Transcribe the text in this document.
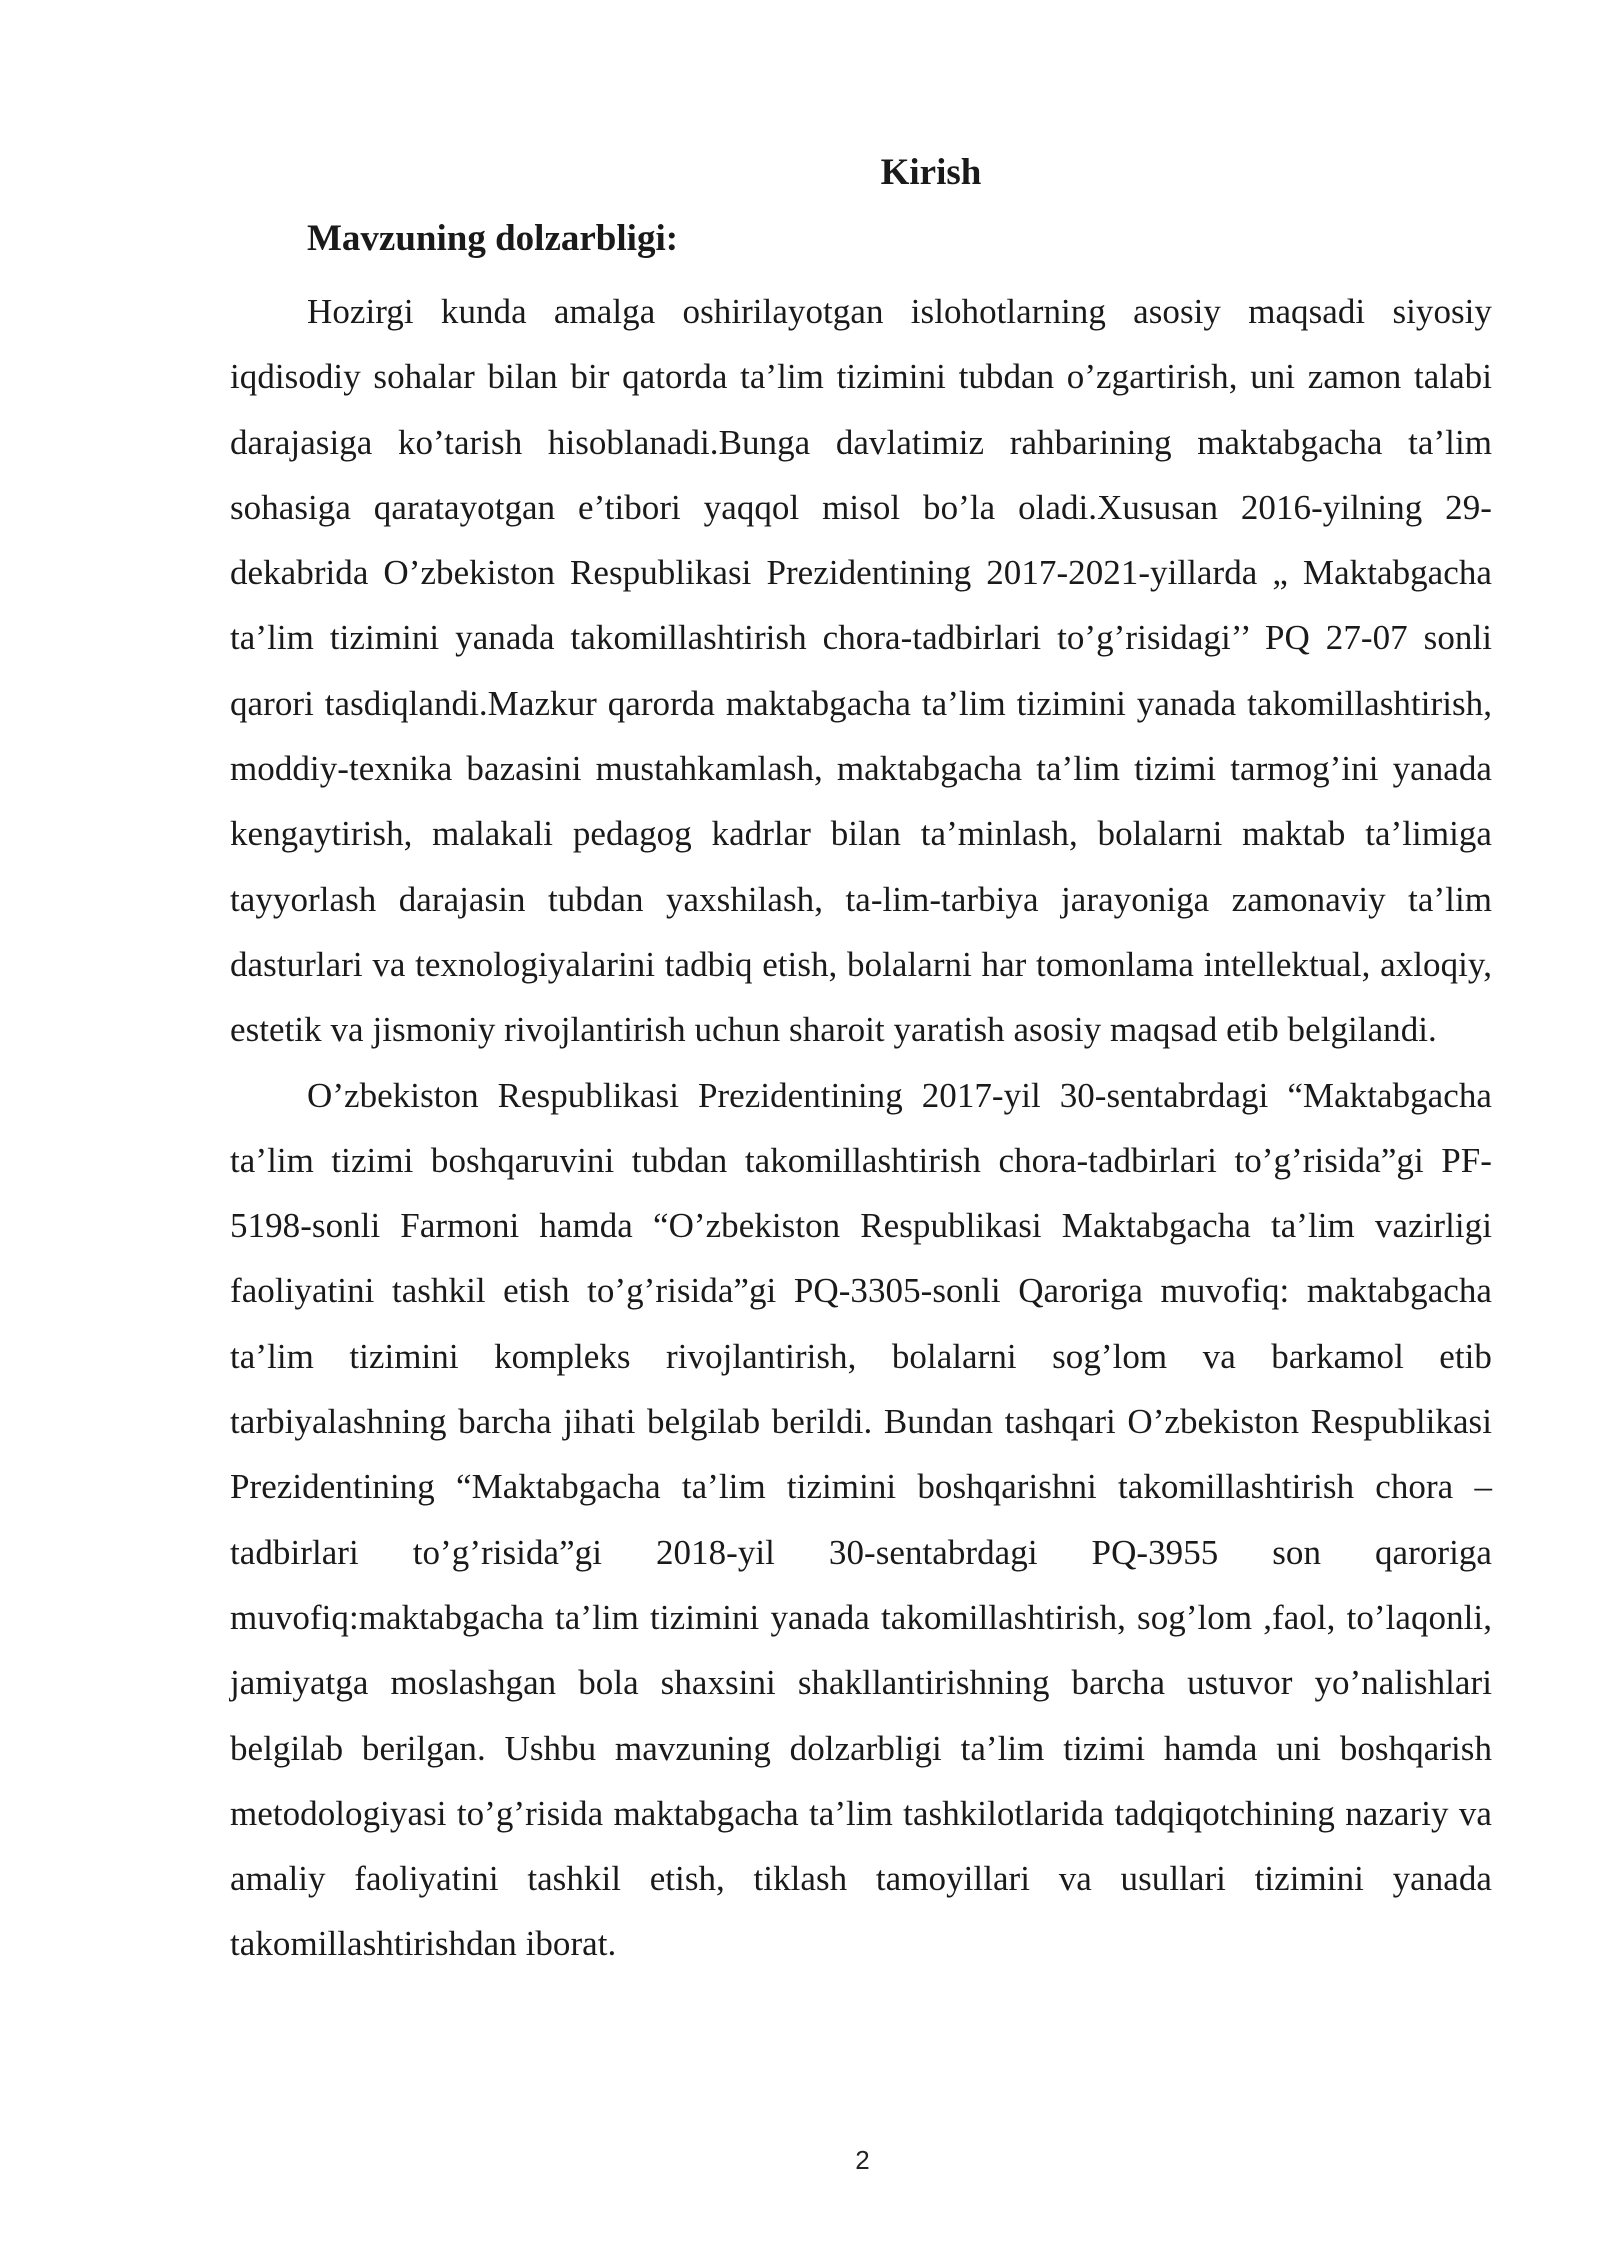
Kirish
Mavzuning dolzarbligi:

Hozirgi kunda amalga oshirilayotgan islohotlarning asosiy maqsadi siyosiy iqdisodiy sohalar bilan bir qatorda ta’lim tizimini tubdan o’zgartirish, uni zamon talabi darajasiga ko’tarish hisoblanadi.Bunga davlatimiz rahbarining maktabgacha ta’lim sohasiga qaratayotgan e’tibori yaqqol misol bo’la oladi.Xususan 2016-yilning 29-dekabrida O’zbekiston Respublikasi Prezidentining 2017-2021-yillarda „ Maktabgacha ta’lim tizimini yanada takomillashtirish chora-tadbirlari to’g’risidagi’’ PQ 27-07 sonli qarori tasdiqlandi.Mazkur qarorda maktabgacha ta’lim tizimini yanada takomillashtirish, moddiy-texnika bazasini mustahkamlash, maktabgacha ta’lim tizimi tarmog’ini yanada kengaytirish, malakali pedagog kadrlar bilan ta’minlash, bolalarni maktab ta’limiga tayyorlash darajasin tubdan yaxshilash, ta-lim-tarbiya jarayoniga zamonaviy ta’lim dasturlari va texnologiyalarini tadbiq etish, bolalarni har tomonlama intellektual, axloqiy, estetik va jismoniy rivojlantirish uchun sharoit yaratish asosiy maqsad etib belgilandi.

O’zbekiston Respublikasi Prezidentining 2017-yil 30-sentabrdagi “Maktabgacha ta’lim tizimi boshqaruvini tubdan takomillashtirish chora-tadbirlari to’g’risida”gi PF-5198-sonli Farmoni hamda “O’zbekiston Respublikasi Maktabgacha ta’lim vazirligi faoliyatini tashkil etish to’g’risida”gi PQ-3305-sonli Qaroriga muvofiq: maktabgacha ta’lim tizimini kompleks rivojlantirish, bolalarni sog’lom va barkamol etib tarbiyalashning barcha jihati belgilab berildi. Bundan tashqari O’zbekiston Respublikasi Prezidentining “Maktabgacha ta’lim tizimini boshqarishni takomillashtirish chora –tadbirlari to’g’risida”gi 2018-yil 30-sentabrdagi PQ-3955 son qaroriga muvofiq:maktabgacha ta’lim tizimini yanada takomillashtirish, sog’lom ,faol, to’laqonli, jamiyatga moslashgan bola shaxsini shakllantirishning barcha ustuvor yo’nalishlari belgilab berilgan. Ushbu mavzuning dolzarbligi ta’lim tizimi hamda uni boshqarish metodologiyasi to’g’risida maktabgacha ta’lim tashkilotlarida tadqiqotchining nazariy va amaliy faoliyatini tashkil etish, tiklash tamoyillari va usullari tizimini yanada takomillashtirishdan iborat.

2
